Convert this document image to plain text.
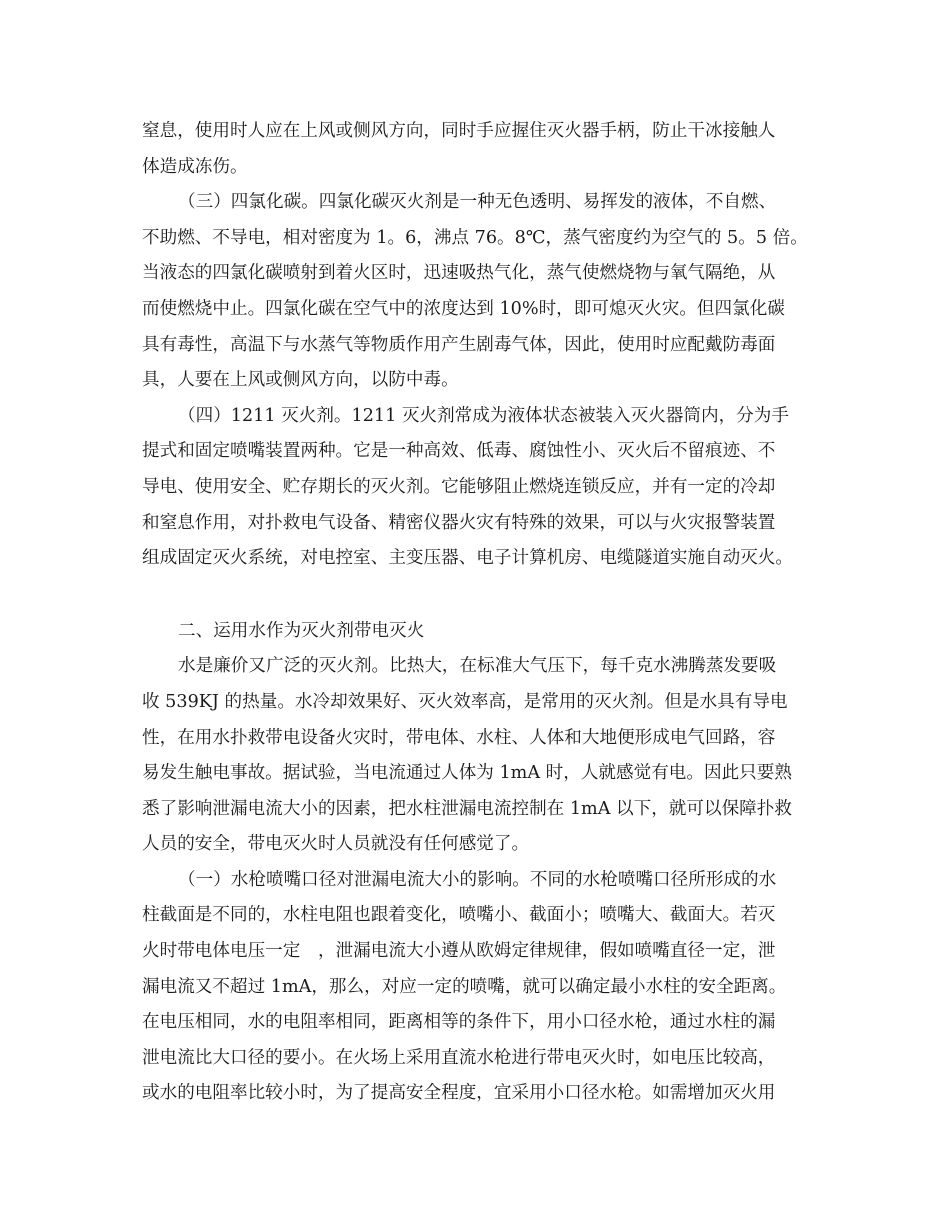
窒息，使用时人应在上风或侧风方向，同时手应握住灭火器手柄，防止干冰接触人
体造成冻伤。
（三）四氯化碳。四氯化碳灭火剂是一种无色透明、易挥发的液体，不自燃、
不助燃、不导电，相对密度为 1。6，沸点 76。8℃，蒸气密度约为空气的 5。5 倍。
当液态的四氯化碳喷射到着火区时，迅速吸热气化，蒸气使燃烧物与氧气隔绝，从
而使燃烧中止。四氯化碳在空气中的浓度达到 10%时，即可熄灭火灾。但四氯化碳
具有毒性，高温下与水蒸气等物质作用产生剧毒气体，因此，使用时应配戴防毒面
具，人要在上风或侧风方向，以防中毒。
（四）1211 灭火剂。1211 灭火剂常成为液体状态被装入灭火器筒内，分为手
提式和固定喷嘴装置两种。它是一种高效、低毒、腐蚀性小、灭火后不留痕迹、不
导电、使用安全、贮存期长的灭火剂。它能够阻止燃烧连锁反应，并有一定的冷却
和窒息作用，对扑救电气设备、精密仪器火灾有特殊的效果，可以与火灾报警装置
组成固定灭火系统，对电控室、主变压器、电子计算机房、电缆隧道实施自动灭火。
二、运用水作为灭火剂带电灭火
水是廉价又广泛的灭火剂。比热大，在标准大气压下，每千克水沸腾蒸发要吸
收 539KJ 的热量。水冷却效果好、灭火效率高，是常用的灭火剂。但是水具有导电
性，在用水扑救带电设备火灾时，带电体、水柱、人体和大地便形成电气回路，容
易发生触电事故。据试验，当电流通过人体为 1mA 时，人就感觉有电。因此只要熟
悉了影响泄漏电流大小的因素，把水柱泄漏电流控制在 1mA 以下，就可以保障扑救
人员的安全，带电灭火时人员就没有任何感觉了。
（一）水枪喷嘴口径对泄漏电流大小的影响。不同的水枪喷嘴口径所形成的水
柱截面是不同的，水柱电阻也跟着变化，喷嘴小、截面小；喷嘴大、截面大。若灭
火时带电体电压一定　，泄漏电流大小遵从欧姆定律规律，假如喷嘴直径一定，泄
漏电流又不超过 1mA，那么，对应一定的喷嘴，就可以确定最小水柱的安全距离。
在电压相同，水的电阻率相同，距离相等的条件下，用小口径水枪，通过水柱的漏
泄电流比大口径的要小。在火场上采用直流水枪进行带电灭火时，如电压比较高，
或水的电阻率比较小时，为了提高安全程度，宜采用小口径水枪。如需增加灭火用
